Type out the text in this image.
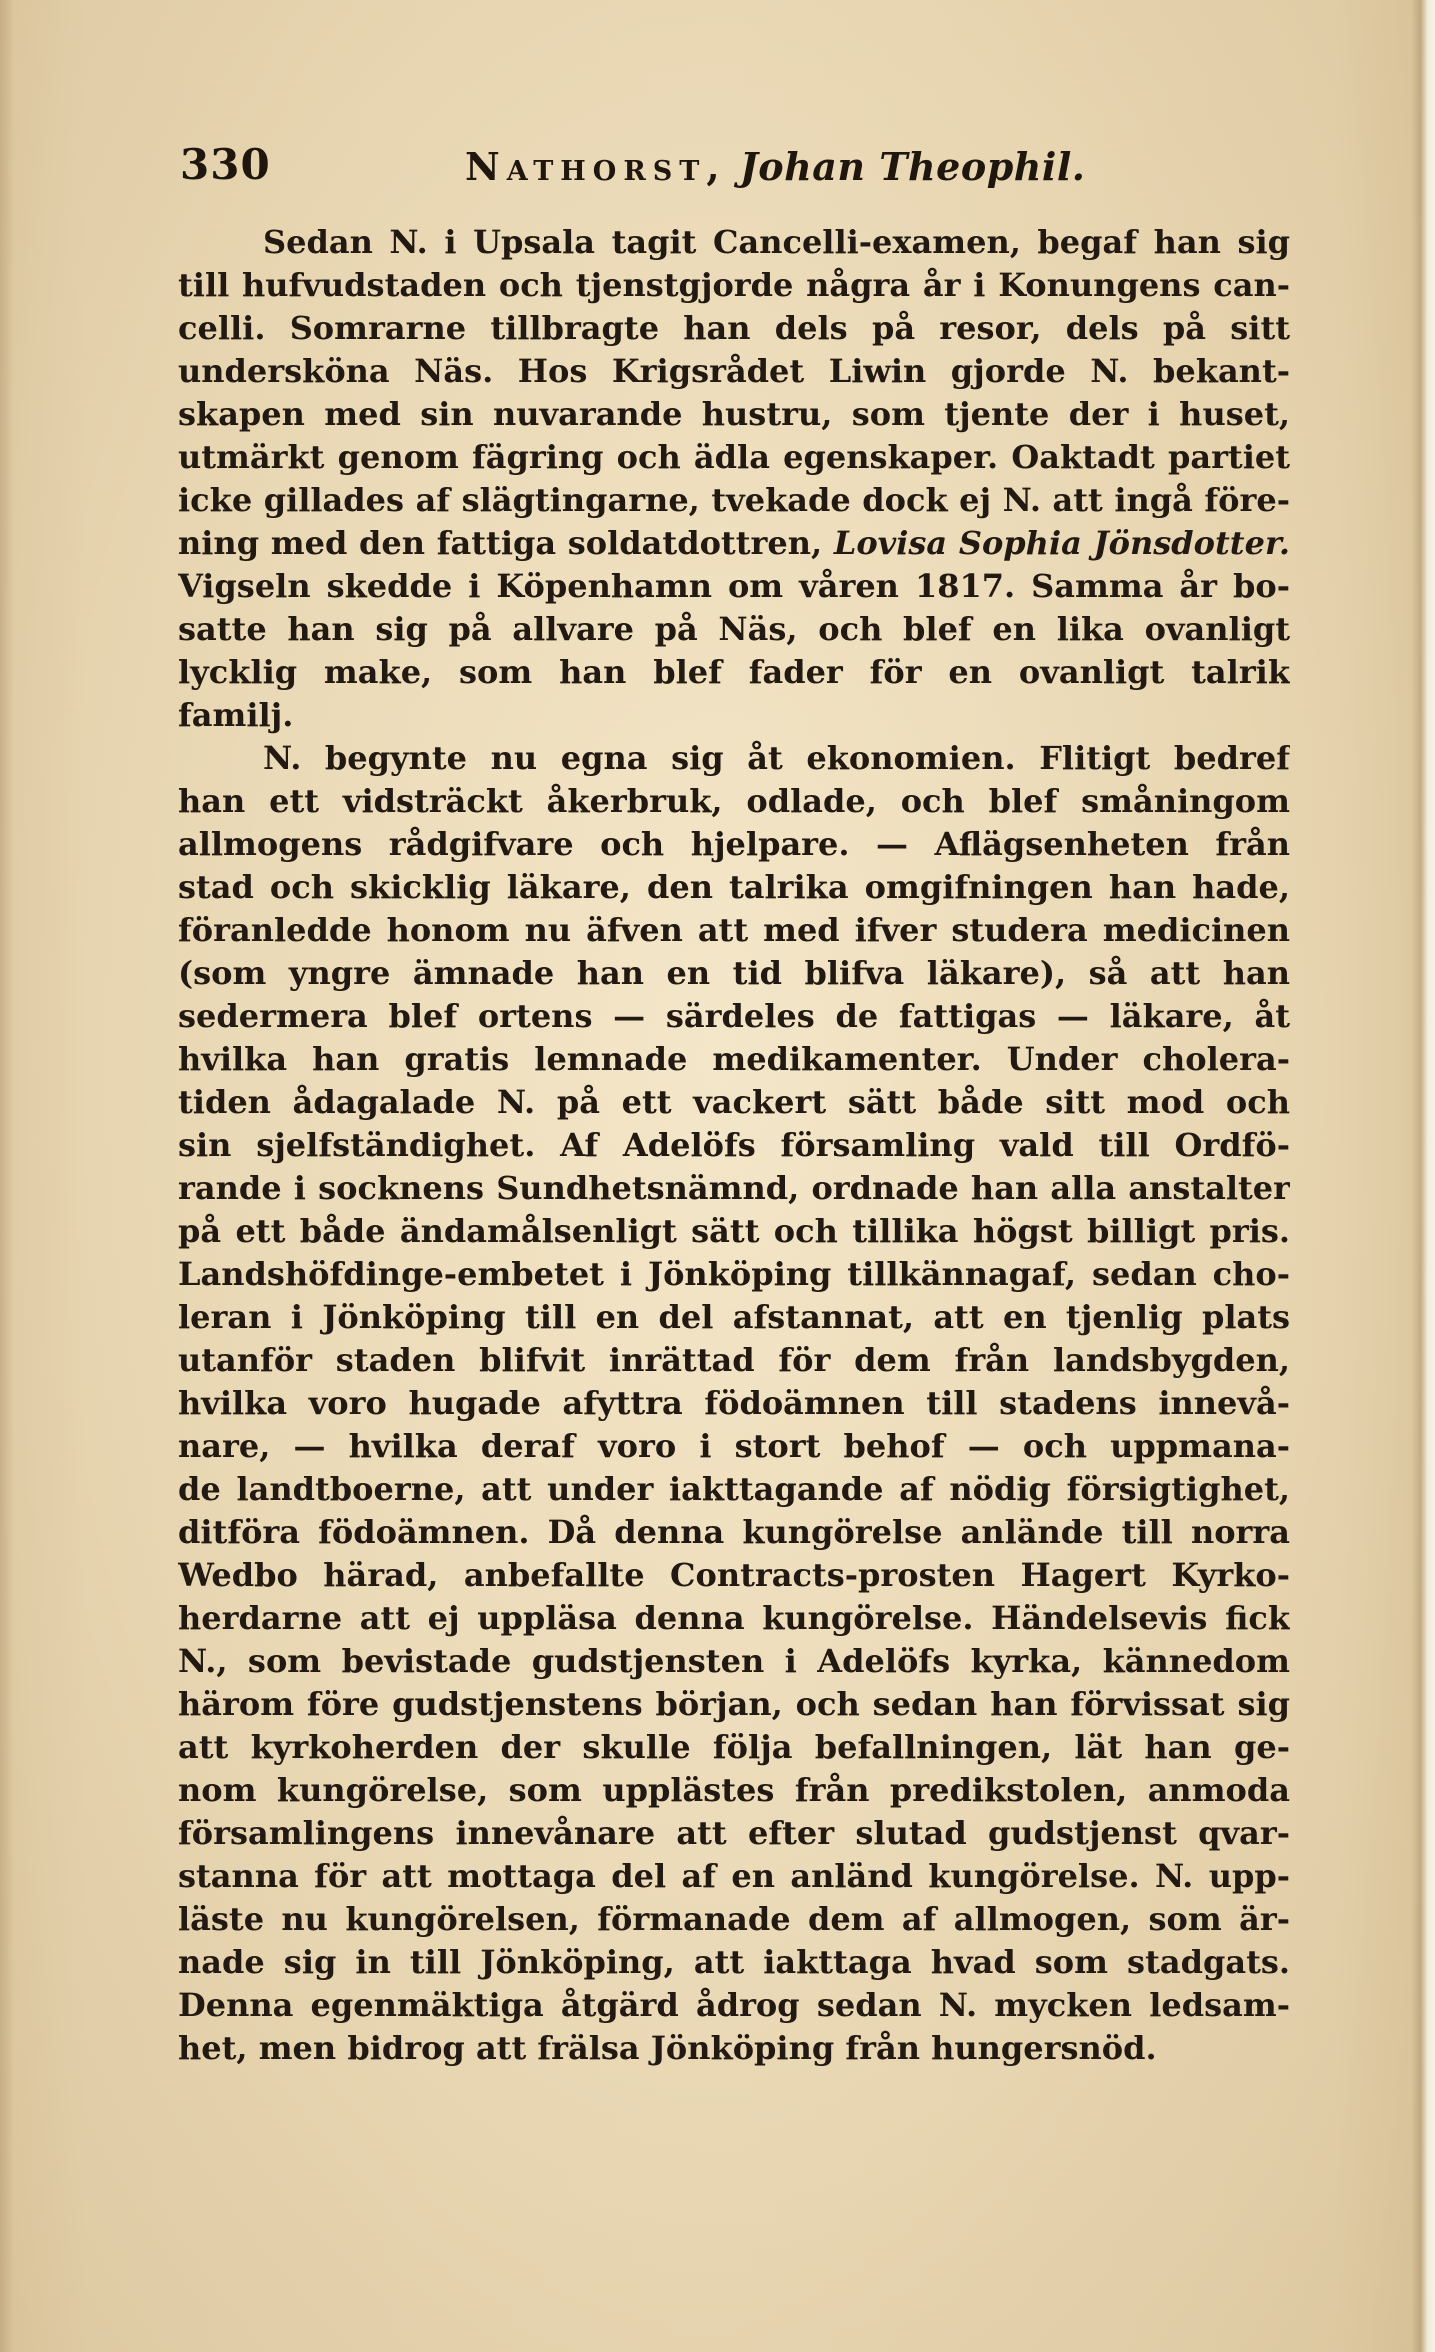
330	Nathorst, Johan Theophil.
Sedan N. i Upsala tagit Cancelli-examen, begaf han sig
till hufvudstaden och tjenstgjorde några år i Konungens can-
celli. Somrarne tillbragte han dels på resor, dels på sitt
undersköna Näs. Hos Krigsrådet Liwin gjorde N. bekant-
skapen med sin nuvarande hustru, som tjente der i huset,
utmärkt genom fägring och ädla egenskaper. Oaktadt partiet
icke gillades af slägtingarne, tvekade dock ej N. att ingå före-
ning med den fattiga soldatdottren, Lovisa Sophia Jönsdotter.
Vigseln skedde i Köpenhamn om våren 1817. Samma år bo-
satte han sig på allvare på Näs, och blef en lika ovanligt
lycklig make, som han blef fader för en ovanligt talrik
familj.
N. begynte nu egna sig åt ekonomien. Flitigt bedref
han ett vidsträckt åkerbruk, odlade, och blef småningom
allmogens rådgifvare och hjelpare. — Aflägsenheten från
stad och skicklig läkare, den talrika omgifningen han hade,
föranledde honom nu äfven att med ifver studera medicinen
(som yngre ämnade han en tid blifva läkare), så att han
sedermera blef ortens — särdeles de fattigas — läkare, åt
hvilka han gratis lemnade medikamenter. Under cholera-
tiden ådagalade N. på ett vackert sätt både sitt mod och
sin sjelfständighet. Af Adelöfs församling vald till Ordfö-
rande i socknens Sundhetsnämnd, ordnade han alla anstalter
på ett både ändamålsenligt sätt och tillika högst billigt pris.
Landshöfdinge-embetet i Jönköping tillkännagaf, sedan cho-
leran i Jönköping till en del afstannat, att en tjenlig plats
utanför staden blifvit inrättad för dem från landsbygden,
hvilka voro hugade afyttra födoämnen till stadens innevå-
nare, — hvilka deraf voro i stort behof — och uppmana-
de landtboerne, att under iakttagande af nödig försigtighet,
ditföra födoämnen. Då denna kungörelse anlände till norra
Wedbo härad, anbefallte Contracts-prosten Hagert Kyrko-
herdarne att ej uppläsa denna kungörelse. Händelsevis fick
N., som bevistade gudstjensten i Adelöfs kyrka, kännedom
härom före gudstjenstens början, och sedan han förvissat sig
att kyrkoherden der skulle följa befallningen, lät han ge-
nom kungörelse, som upplästes från predikstolen, anmoda
församlingens innevånare att efter slutad gudstjenst qvar-
stanna för att mottaga del af en anländ kungörelse. N. upp-
läste nu kungörelsen, förmanade dem af allmogen, som är-
nade sig in till Jönköping, att iakttaga hvad som stadgats.
Denna egenmäktiga åtgärd ådrog sedan N. mycken ledsam-
het, men bidrog att frälsa Jönköping från hungersnöd.
